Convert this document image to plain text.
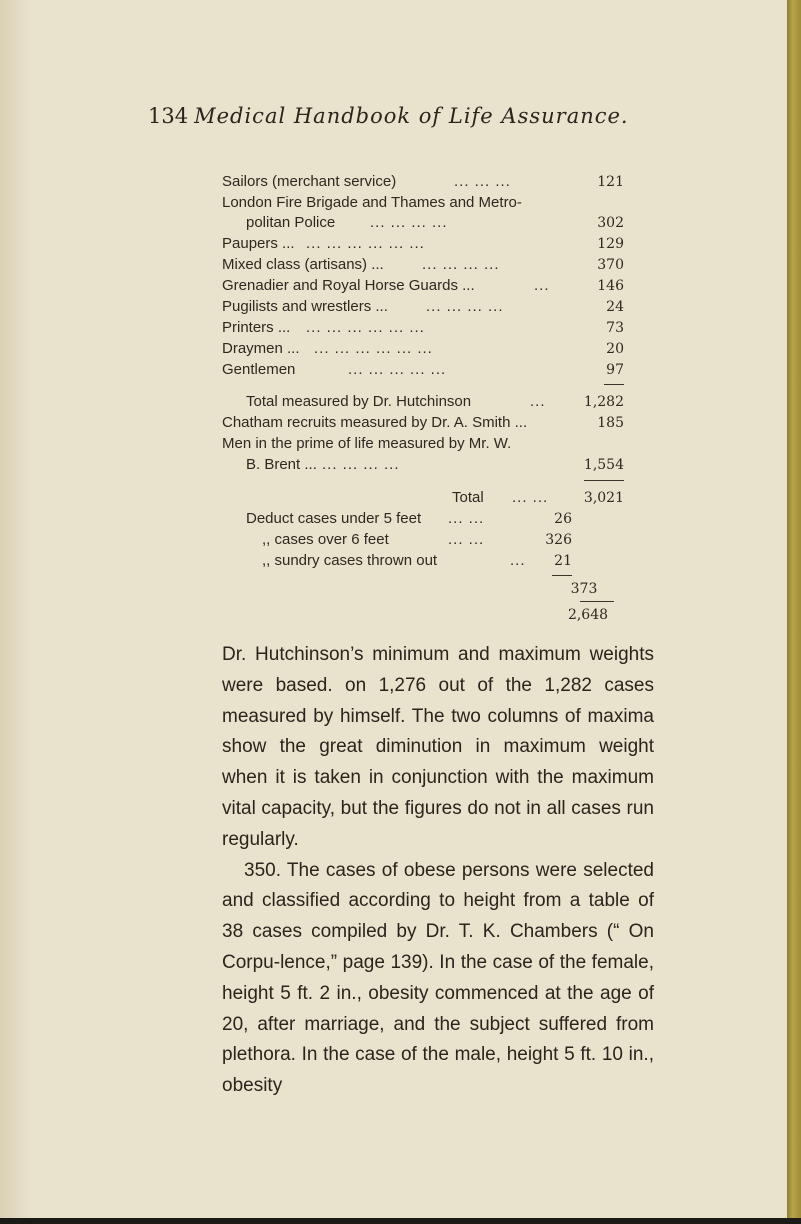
134 Medical Handbook of Life Assurance.
Sailors (merchant service)	... ... ...	121
London Fire Brigade and Thames and Metro-
politan Police ... ... ... ...	302
Paupers ... ... ... ... ... ... ...	129
Mixed class (artisans) ...	... ... ... ...	370
Grenadier and Royal Horse Guards ...	...	146
Pugilists and wrestlers ...	... ... ... ...	24
Printers ... ... ... ... ... ... ...	73
Draymen ... ... ... ... ... ... ...	20
Gentlemen	... ... ... ... ...	97
Total measured by Dr. Hutchinson	...	1,282
Chatham recruits measured by Dr. A. Smith ...	185
Men in the prime of life measured by Mr. W.
B. Brent ... ... ... ... ...	1,554
Total ... ...	3,021
Deduct cases under 5 feet ... ...	26
,, cases over 6 feet	... ...	326
,, sundry cases thrown out	...	21
373
2,648

Dr. Hutchinson’s minimum and maximum weights were based. on 1,276 out of the 1,282 cases measured by himself. The two columns of maxima show the great diminution in maximum weight when it is taken in conjunction with the maximum vital capacity, but the figures do not in all cases run regularly.

350. The cases of obese persons were selected and classified according to height from a table of 38 cases compiled by Dr. T. K. Chambers (“ On Corpu-lence,” page 139). In the case of the female, height 5 ft. 2 in., obesity commenced at the age of 20, after marriage, and the subject suffered from plethora. In the case of the male, height 5 ft. 10 in., obesity
